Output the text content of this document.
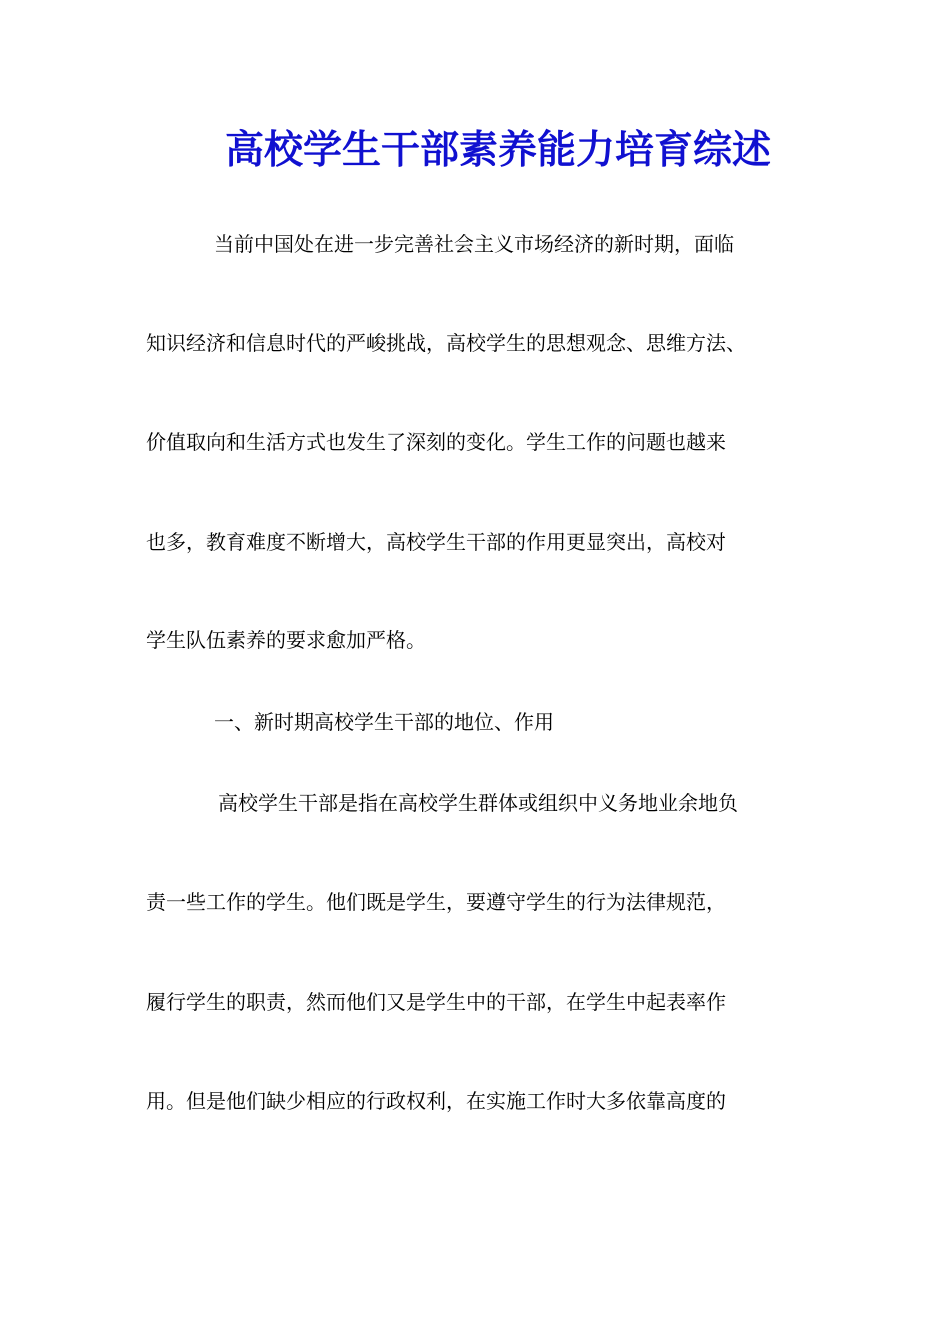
高校学生干部素养能力培育综述
当前中国处在进一步完善社会主义市场经济的新时期，面临
知识经济和信息时代的严峻挑战，高校学生的思想观念、思维方法、
价值取向和生活方式也发生了深刻的变化。学生工作的问题也越来
也多，教育难度不断增大，高校学生干部的作用更显突出，高校对
学生队伍素养的要求愈加严格。
一、新时期高校学生干部的地位、作用
高校学生干部是指在高校学生群体或组织中义务地业余地负
责一些工作的学生。他们既是学生，要遵守学生的行为法律规范，
履行学生的职责，然而他们又是学生中的干部，在学生中起表率作
用。但是他们缺少相应的行政权利，在实施工作时大多依靠高度的
